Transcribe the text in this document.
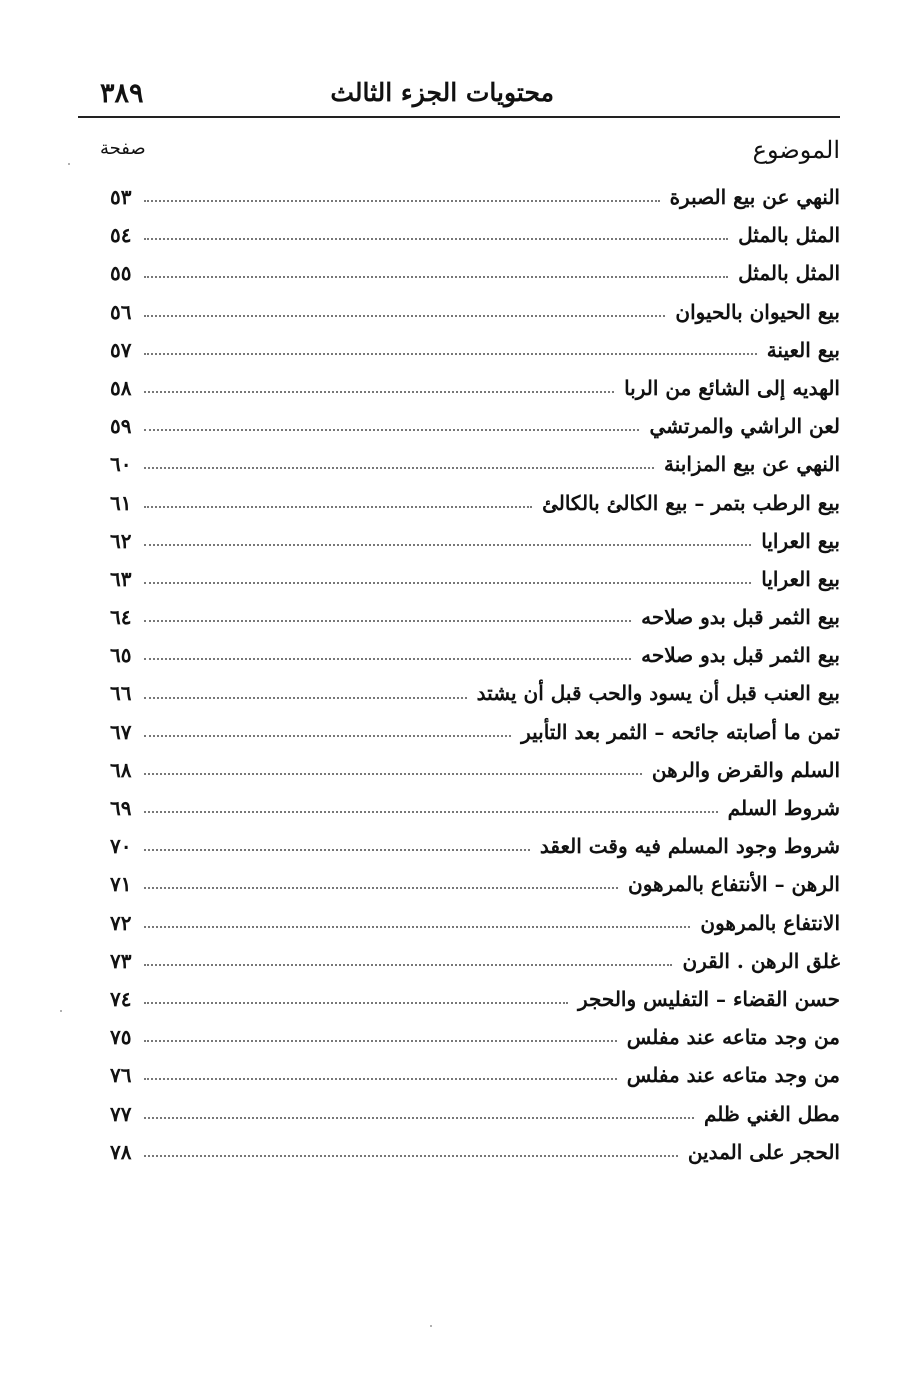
محتويات الجزء الثالث
٣٨٩
الموضوع
صفحة
النهي عن بيع الصبرة
٥٣
المثل بالمثل
٥٤
المثل بالمثل
٥٥
بيع الحيوان بالحيوان
٥٦
بيع العينة
٥٧
الهديه إلى الشائع من الربا
٥٨
لعن الراشي والمرتشي
٥٩
النهي عن بيع المزابنة
٦٠
بيع الرطب بتمر – بيع الكالئ بالكالئ
٦١
بيع العرايا
٦٢
بيع العرايا
٦٣
بيع الثمر قبل بدو صلاحه
٦٤
بيع الثمر قبل بدو صلاحه
٦٥
بيع العنب قبل أن يسود والحب قبل أن يشتد
٦٦
تمن ما أصابته جائحه – الثمر بعد التأبير
٦٧
السلم والقرض والرهن
٦٨
شروط السلم
٦٩
شروط وجود المسلم فيه وقت العقد
٧٠
الرهن – الأنتفاع بالمرهون
٧١
الانتفاع بالمرهون
٧٢
غلق الرهن . القرن
٧٣
حسن القضاء – التفليس والحجر
٧٤
من وجد متاعه عند مفلس
٧٥
من وجد متاعه عند مفلس
٧٦
مطل الغني ظلم
٧٧
الحجر على المدين
٧٨
